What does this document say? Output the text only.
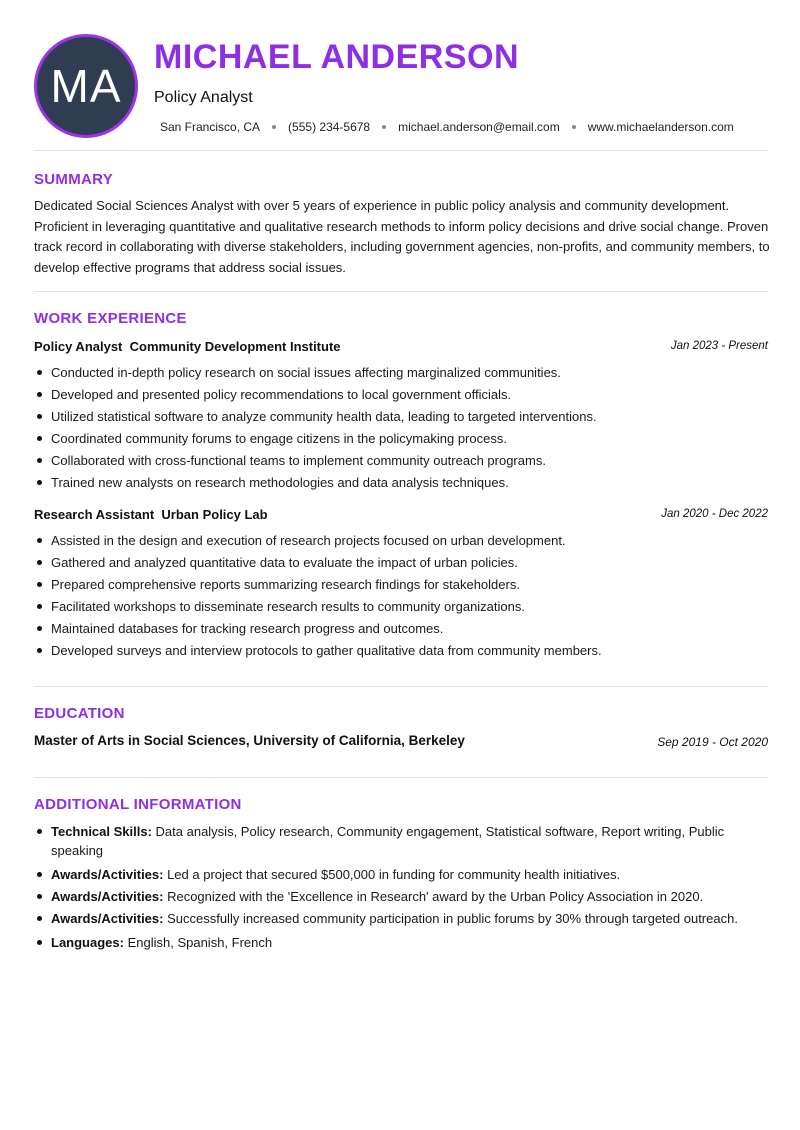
MA
MICHAEL ANDERSON
Policy Analyst
San Francisco, CA (555) 234-5678 michael.anderson@email.com www.michaelanderson.com
SUMMARY
Dedicated Social Sciences Analyst with over 5 years of experience in public policy analysis and community development. Proficient in leveraging quantitative and qualitative research methods to inform policy decisions and drive social change. Proven track record in collaborating with diverse stakeholders, including government agencies, non-profits, and community members, to develop effective programs that address social issues.
WORK EXPERIENCE
Policy Analyst  Community Development Institute	Jan 2023 - Present
Conducted in-depth policy research on social issues affecting marginalized communities.
Developed and presented policy recommendations to local government officials.
Utilized statistical software to analyze community health data, leading to targeted interventions.
Coordinated community forums to engage citizens in the policymaking process.
Collaborated with cross-functional teams to implement community outreach programs.
Trained new analysts on research methodologies and data analysis techniques.
Research Assistant  Urban Policy Lab	Jan 2020 - Dec 2022
Assisted in the design and execution of research projects focused on urban development.
Gathered and analyzed quantitative data to evaluate the impact of urban policies.
Prepared comprehensive reports summarizing research findings for stakeholders.
Facilitated workshops to disseminate research results to community organizations.
Maintained databases for tracking research progress and outcomes.
Developed surveys and interview protocols to gather qualitative data from community members.
EDUCATION
Master of Arts in Social Sciences, University of California, Berkeley	Sep 2019 - Oct 2020
ADDITIONAL INFORMATION
Technical Skills: Data analysis, Policy research, Community engagement, Statistical software, Report writing, Public speaking
Awards/Activities: Led a project that secured $500,000 in funding for community health initiatives.
Awards/Activities: Recognized with the 'Excellence in Research' award by the Urban Policy Association in 2020.
Awards/Activities: Successfully increased community participation in public forums by 30% through targeted outreach.
Languages: English, Spanish, French
